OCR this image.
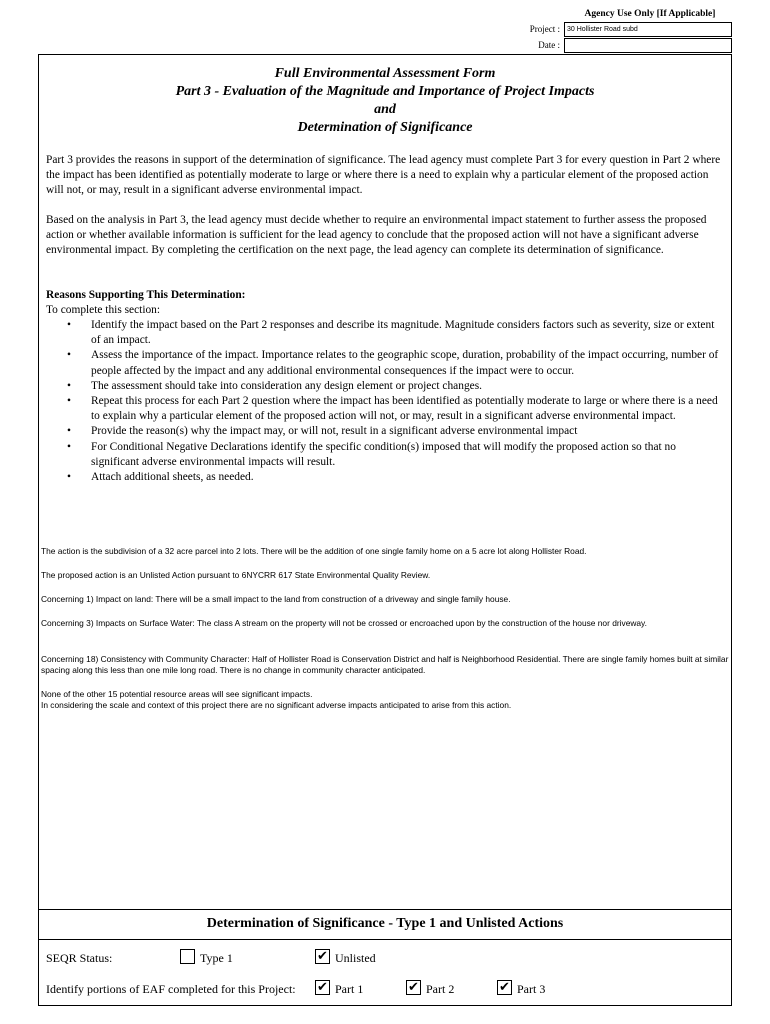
Agency Use Only [If Applicable]
Project :	30 Hollister Road subd
Date :
Full Environmental Assessment Form
Part 3 - Evaluation of the Magnitude and Importance of Project Impacts
and
Determination of Significance
Part 3 provides the reasons in support of the determination of significance. The lead agency must complete Part 3 for every question in Part 2 where the impact has been identified as potentially moderate to large or where there is a need to explain why a particular element of the proposed action will not, or may, result in a significant adverse environmental impact.
Based on the analysis in Part 3, the lead agency must decide whether to require an environmental impact statement to further assess the proposed action or whether available information is sufficient for the lead agency to conclude that the proposed action will not have a significant adverse environmental impact. By completing the certification on the next page, the lead agency can complete its determination of significance.
Reasons Supporting This Determination:
To complete this section:
• Identify the impact based on the Part 2 responses and describe its magnitude. Magnitude considers factors such as severity, size or extent of an impact.
• Assess the importance of the impact. Importance relates to the geographic scope, duration, probability of the impact occurring, number of people affected by the impact and any additional environmental consequences if the impact were to occur.
• The assessment should take into consideration any design element or project changes.
• Repeat this process for each Part 2 question where the impact has been identified as potentially moderate to large or where there is a need to explain why a particular element of the proposed action will not, or may, result in a significant adverse environmental impact.
• Provide the reason(s) why the impact may, or will not, result in a significant adverse environmental impact
• For Conditional Negative Declarations identify the specific condition(s) imposed that will modify the proposed action so that no significant adverse environmental impacts will result.
• Attach additional sheets, as needed.
The action is the subdivision of a 32 acre parcel into 2 lots. There will be the addition of one single family home on a 5 acre lot along Hollister Road.
The proposed action is an Unlisted Action pursuant to 6NYCRR 617 State Environmental Quality Review.
Concerning 1) Impact on land: There will be a small impact to the land from construction of a driveway and single family house.
Concerning 3) Impacts on Surface Water: The class A stream on the property will not be crossed or encroached upon by the construction of the house nor driveway.
Concerning 18) Consistency with Community Character: Half of Hollister Road is Conservation District and half is Neighborhood Residential. There are single family homes built at similar spacing along this less than one mile long road. There is no change in community character anticipated.
None of the other 15 potential resource areas will see significant impacts.
In considering the scale and context of this project there are no significant adverse impacts anticipated to arise from this action.
Determination of Significance - Type 1 and Unlisted Actions
SEQR Status:	Type 1	✔ Unlisted
Identify portions of EAF completed for this Project: ✔ Part 1	✔ Part 2	✔ Part 3
